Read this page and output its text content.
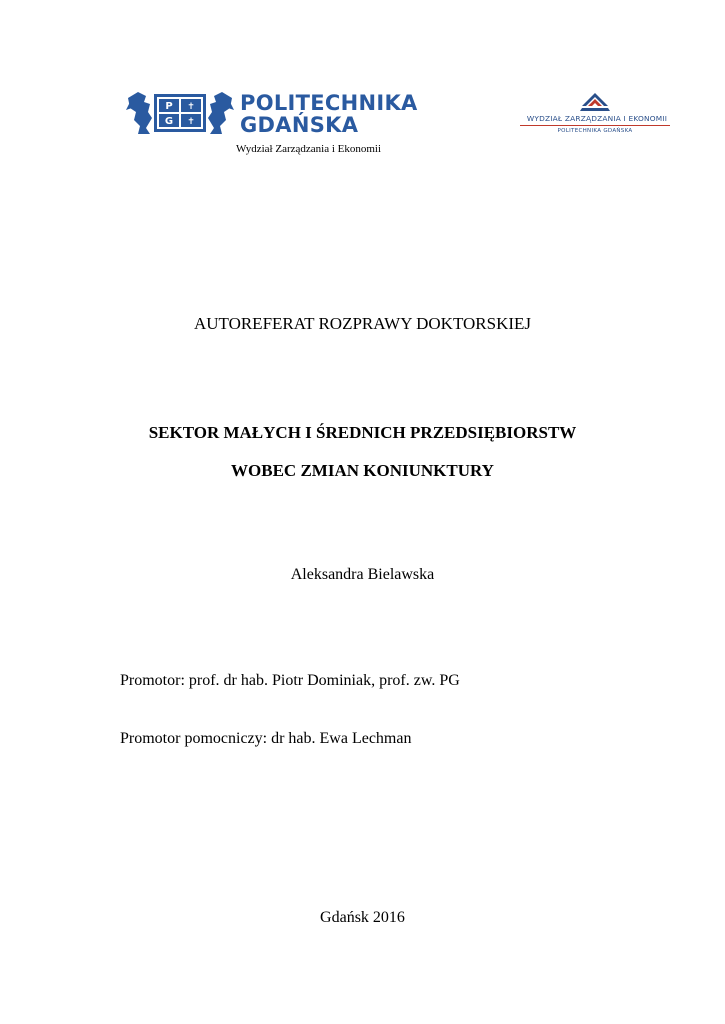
P
G
✝
✝
POLITECHNIKA
GDAŃSKA
Wydział Zarządzania i Ekonomii
WYDZIAŁ ZARZĄDZANIA I EKONOMII
POLITECHNIKA GDAŃSKA
AUTOREFERAT ROZPRAWY DOKTORSKIEJ
SEKTOR MAŁYCH I ŚREDNICH PRZEDSIĘBIORSTW
WOBEC ZMIAN KONIUNKTURY
Aleksandra Bielawska
Promotor: prof. dr hab. Piotr Dominiak, prof. zw. PG
Promotor pomocniczy: dr hab. Ewa Lechman
Gdańsk 2016
